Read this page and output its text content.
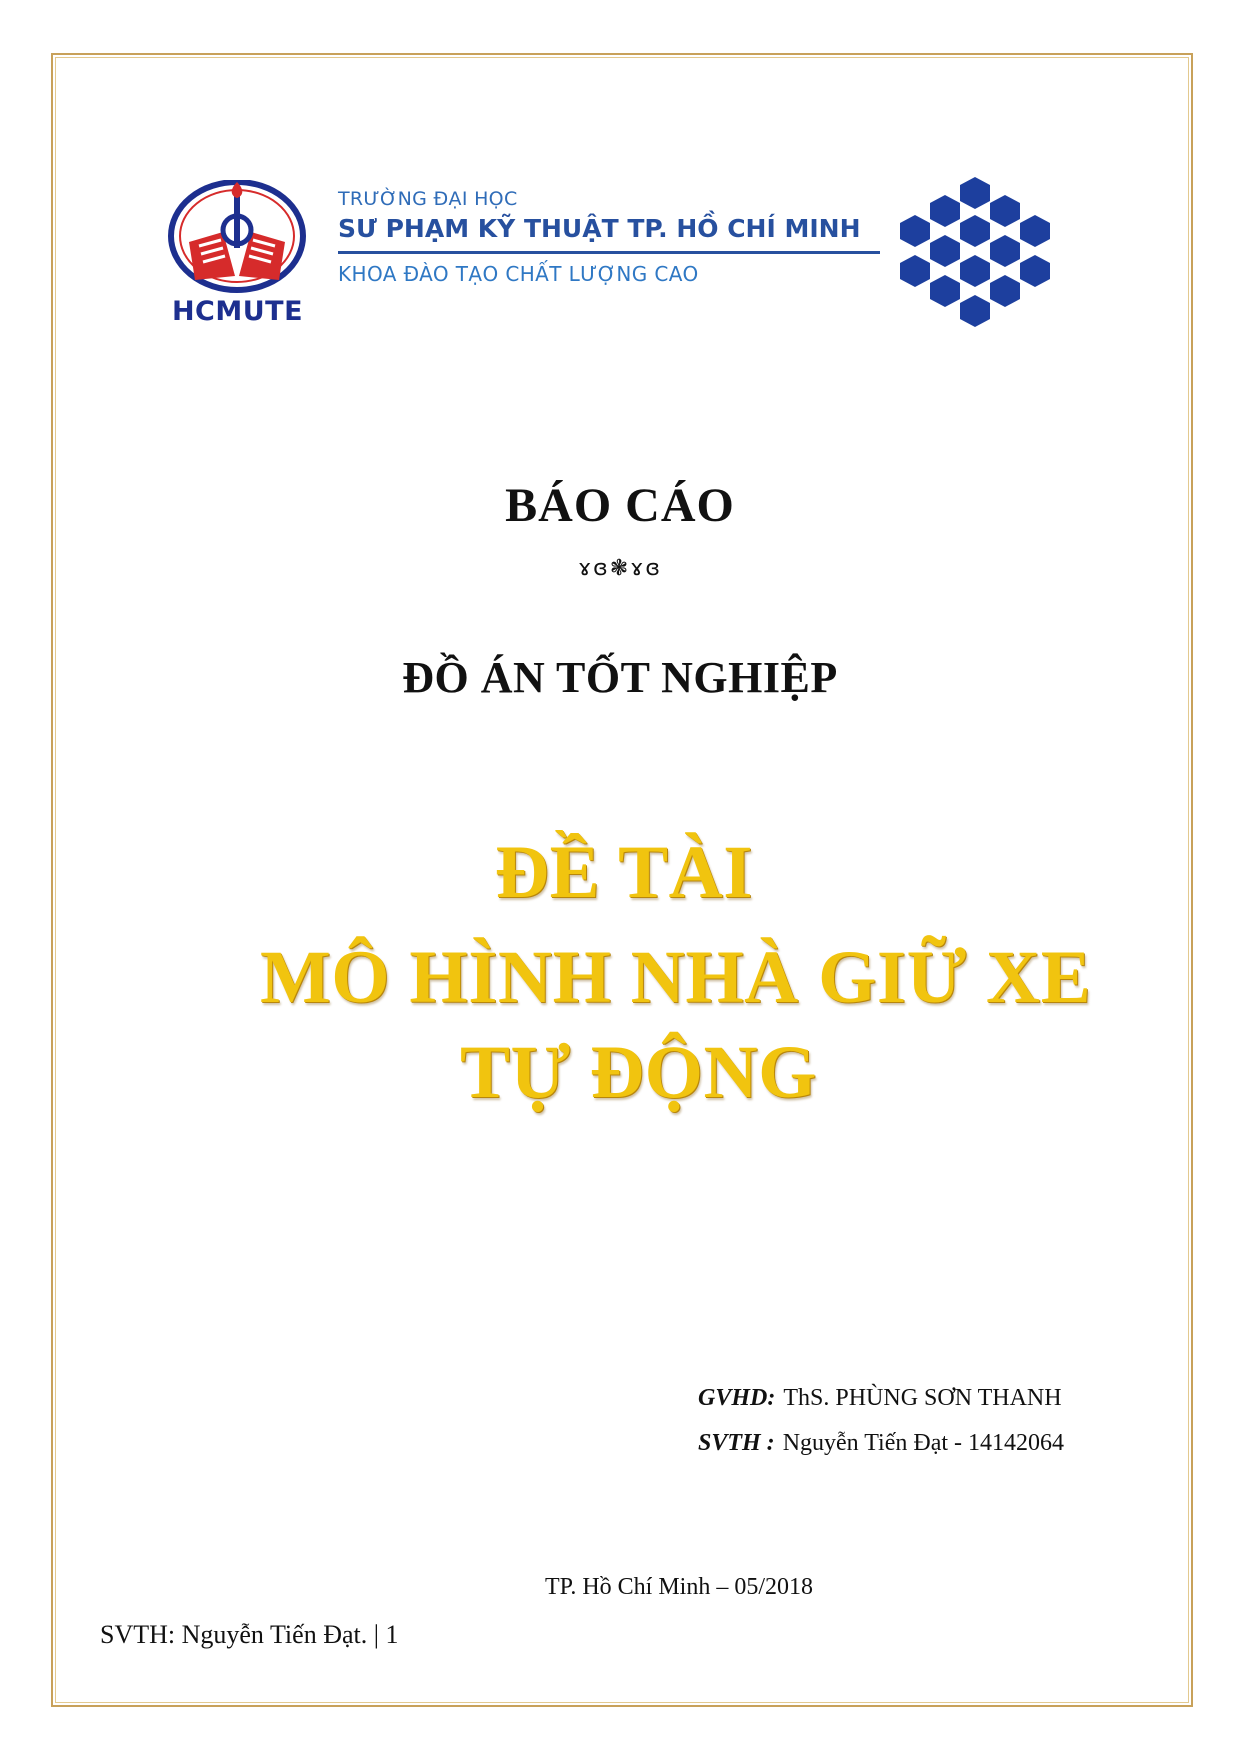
HCMUTE
TRƯỜNG ĐẠI HỌC
SƯ PHẠM KỸ THUẬT TP. HỒ CHÍ MINH
KHOA ĐÀO TẠO CHẤT LƯỢNG CAO
BÁO CÁO
ɤɞ❃ɤɞ
ĐỒ ÁN TỐT NGHIỆP
ĐỀ TÀI
MÔ HÌNH NHÀ GIỮ XE
TỰ ĐỘNG
GVHD: ThS. PHÙNG SƠN THANH
SVTH : Nguyễn Tiến Đạt - 14142064
TP. Hồ Chí Minh – 05/2018
SVTH: Nguyễn Tiến Đạt. | 1
